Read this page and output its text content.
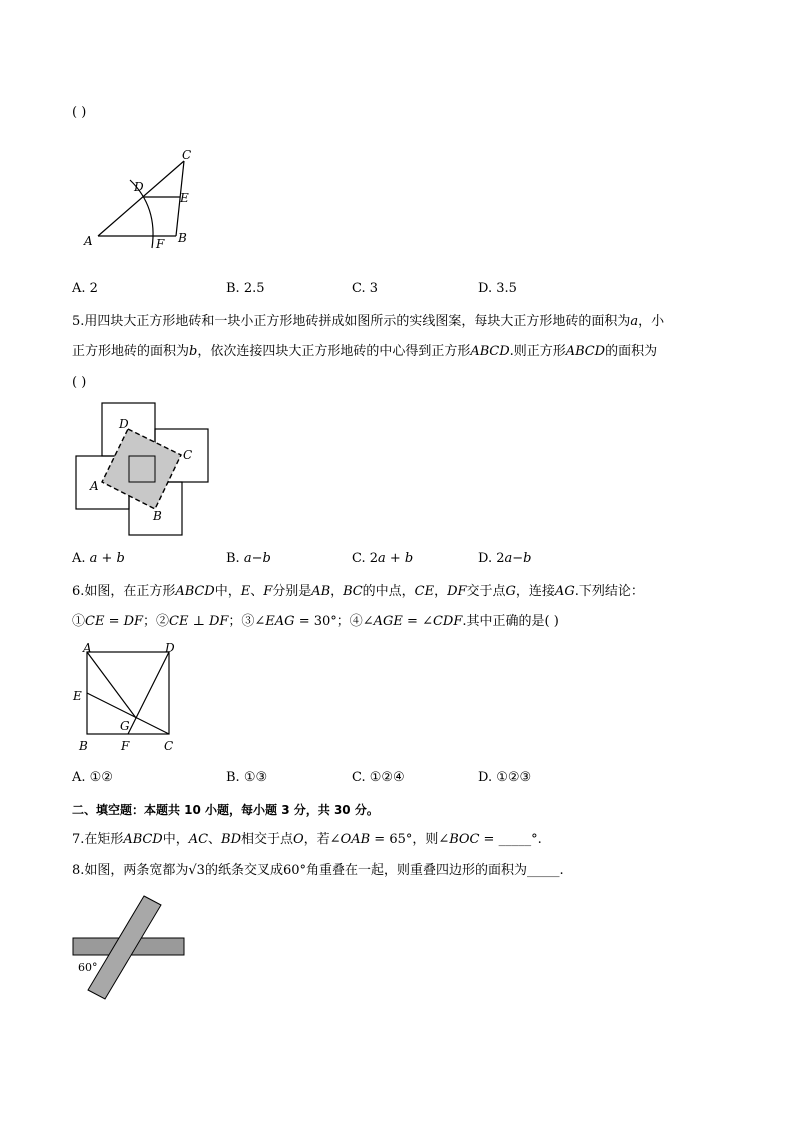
( )
A	B
C
D
E
F
A. 2	B. 2.5	C. 3	D. 3.5
5.用四块大正方形地砖和一块小正方形地砖拼成如图所示的实线图案，每块大正方形地砖的面积为𝑎，小
正方形地砖的面积为𝑏，依次连接四块大正方形地砖的中心得到正方形𝐴𝐵𝐶𝐷.则正方形𝐴𝐵𝐶𝐷的面积为
( )
D
C
B
A
A. 𝑎 + 𝑏	B. 𝑎−𝑏	C. 2𝑎 + 𝑏	D. 2𝑎−𝑏
6.如图，在正方形𝐴𝐵𝐶𝐷中，𝐸、𝐹分别是𝐴𝐵，𝐵𝐶的中点，𝐶𝐸，𝐷𝐹交于点𝐺，连接𝐴𝐺.下列结论：
①𝐶𝐸 = 𝐷𝐹；②𝐶𝐸 ⊥ 𝐷𝐹；③∠𝐸𝐴𝐺 = 30°；④∠𝐴𝐺𝐸 = ∠𝐶𝐷𝐹.其中正确的是( )
A	D
E
G
B	F	C
A. ①②	B. ①③	C. ①②④	D. ①②③
二、填空题：本题共 10 小题，每小题 3 分，共 30 分。
7.在矩形𝐴𝐵𝐶𝐷中，𝐴𝐶、𝐵𝐷相交于点𝑂，若∠𝑂𝐴𝐵 = 65°，则∠𝐵𝑂𝐶 = _____°.
8.如图，两条宽都为√3的纸条交叉成60°角重叠在一起，则重叠四边形的面积为_____.
60°
